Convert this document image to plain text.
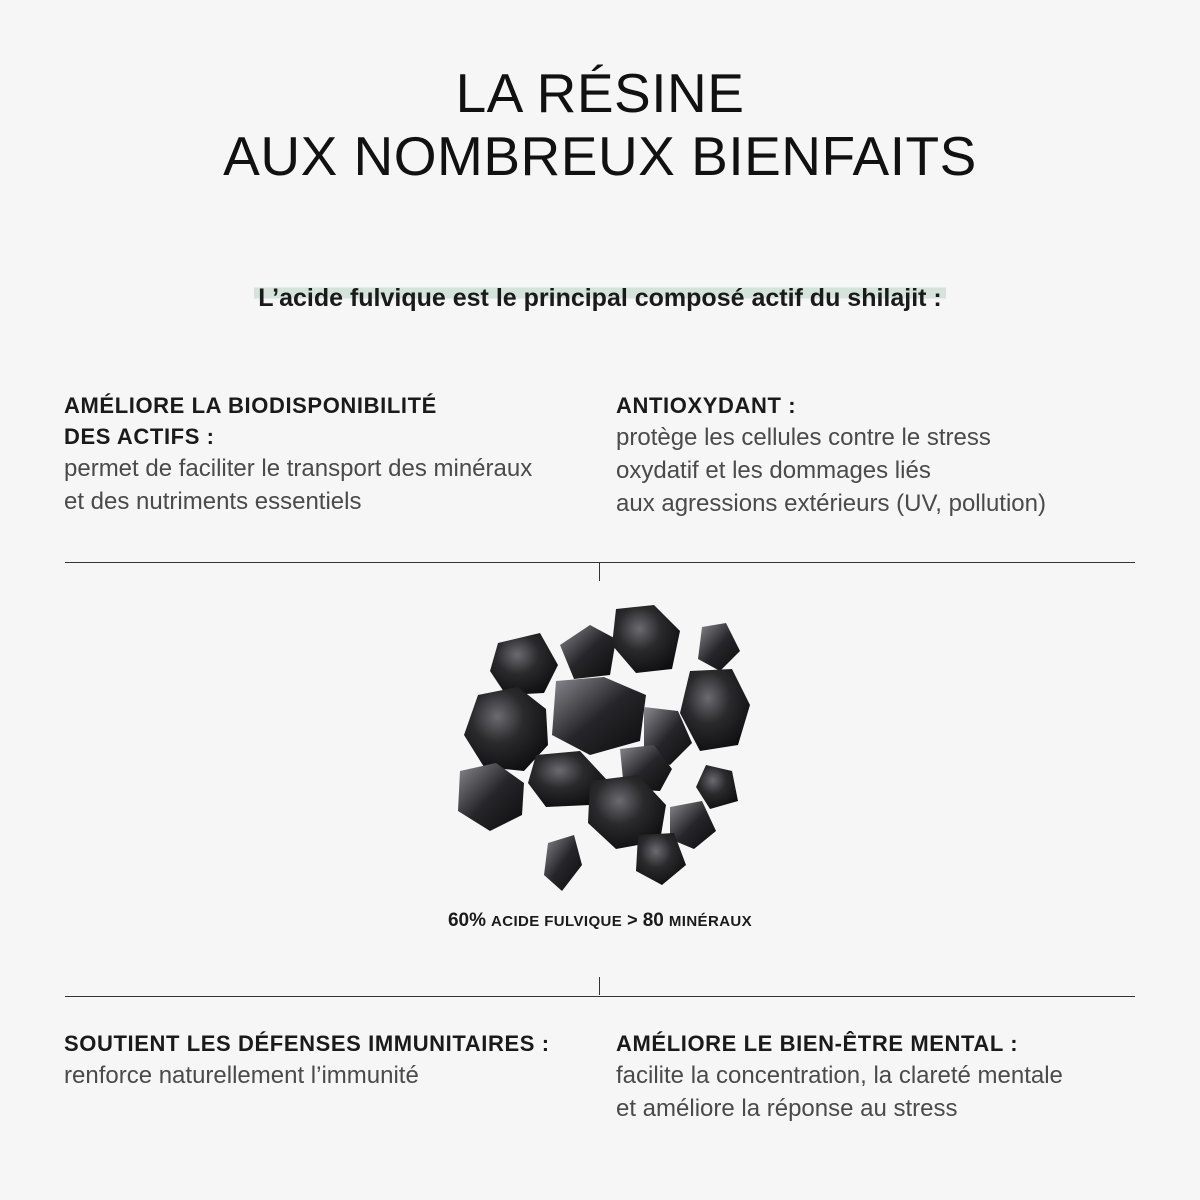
LA RÉSINE
AUX NOMBREUX BIENFAITS
L’acide fulvique est le principal composé actif du shilajit :
AMÉLIORE LA BIODISPONIBILITÉ
DES ACTIFS :

permet de faciliter le transport des minéraux
et des nutriments essentiels

ANTIOXYDANT :

protège les cellules contre le stress
oxydatif et les dommages liés
aux agressions extérieurs (UV, pollution)

60% ACIDE FULVIQUE > 80 MINÉRAUX
SOUTIENT LES DÉFENSES IMMUNITAIRES :

renforce naturellement l’immunité

AMÉLIORE LE BIEN-ÊTRE MENTAL :

facilite la concentration, la clareté mentale
et améliore la réponse au stress
